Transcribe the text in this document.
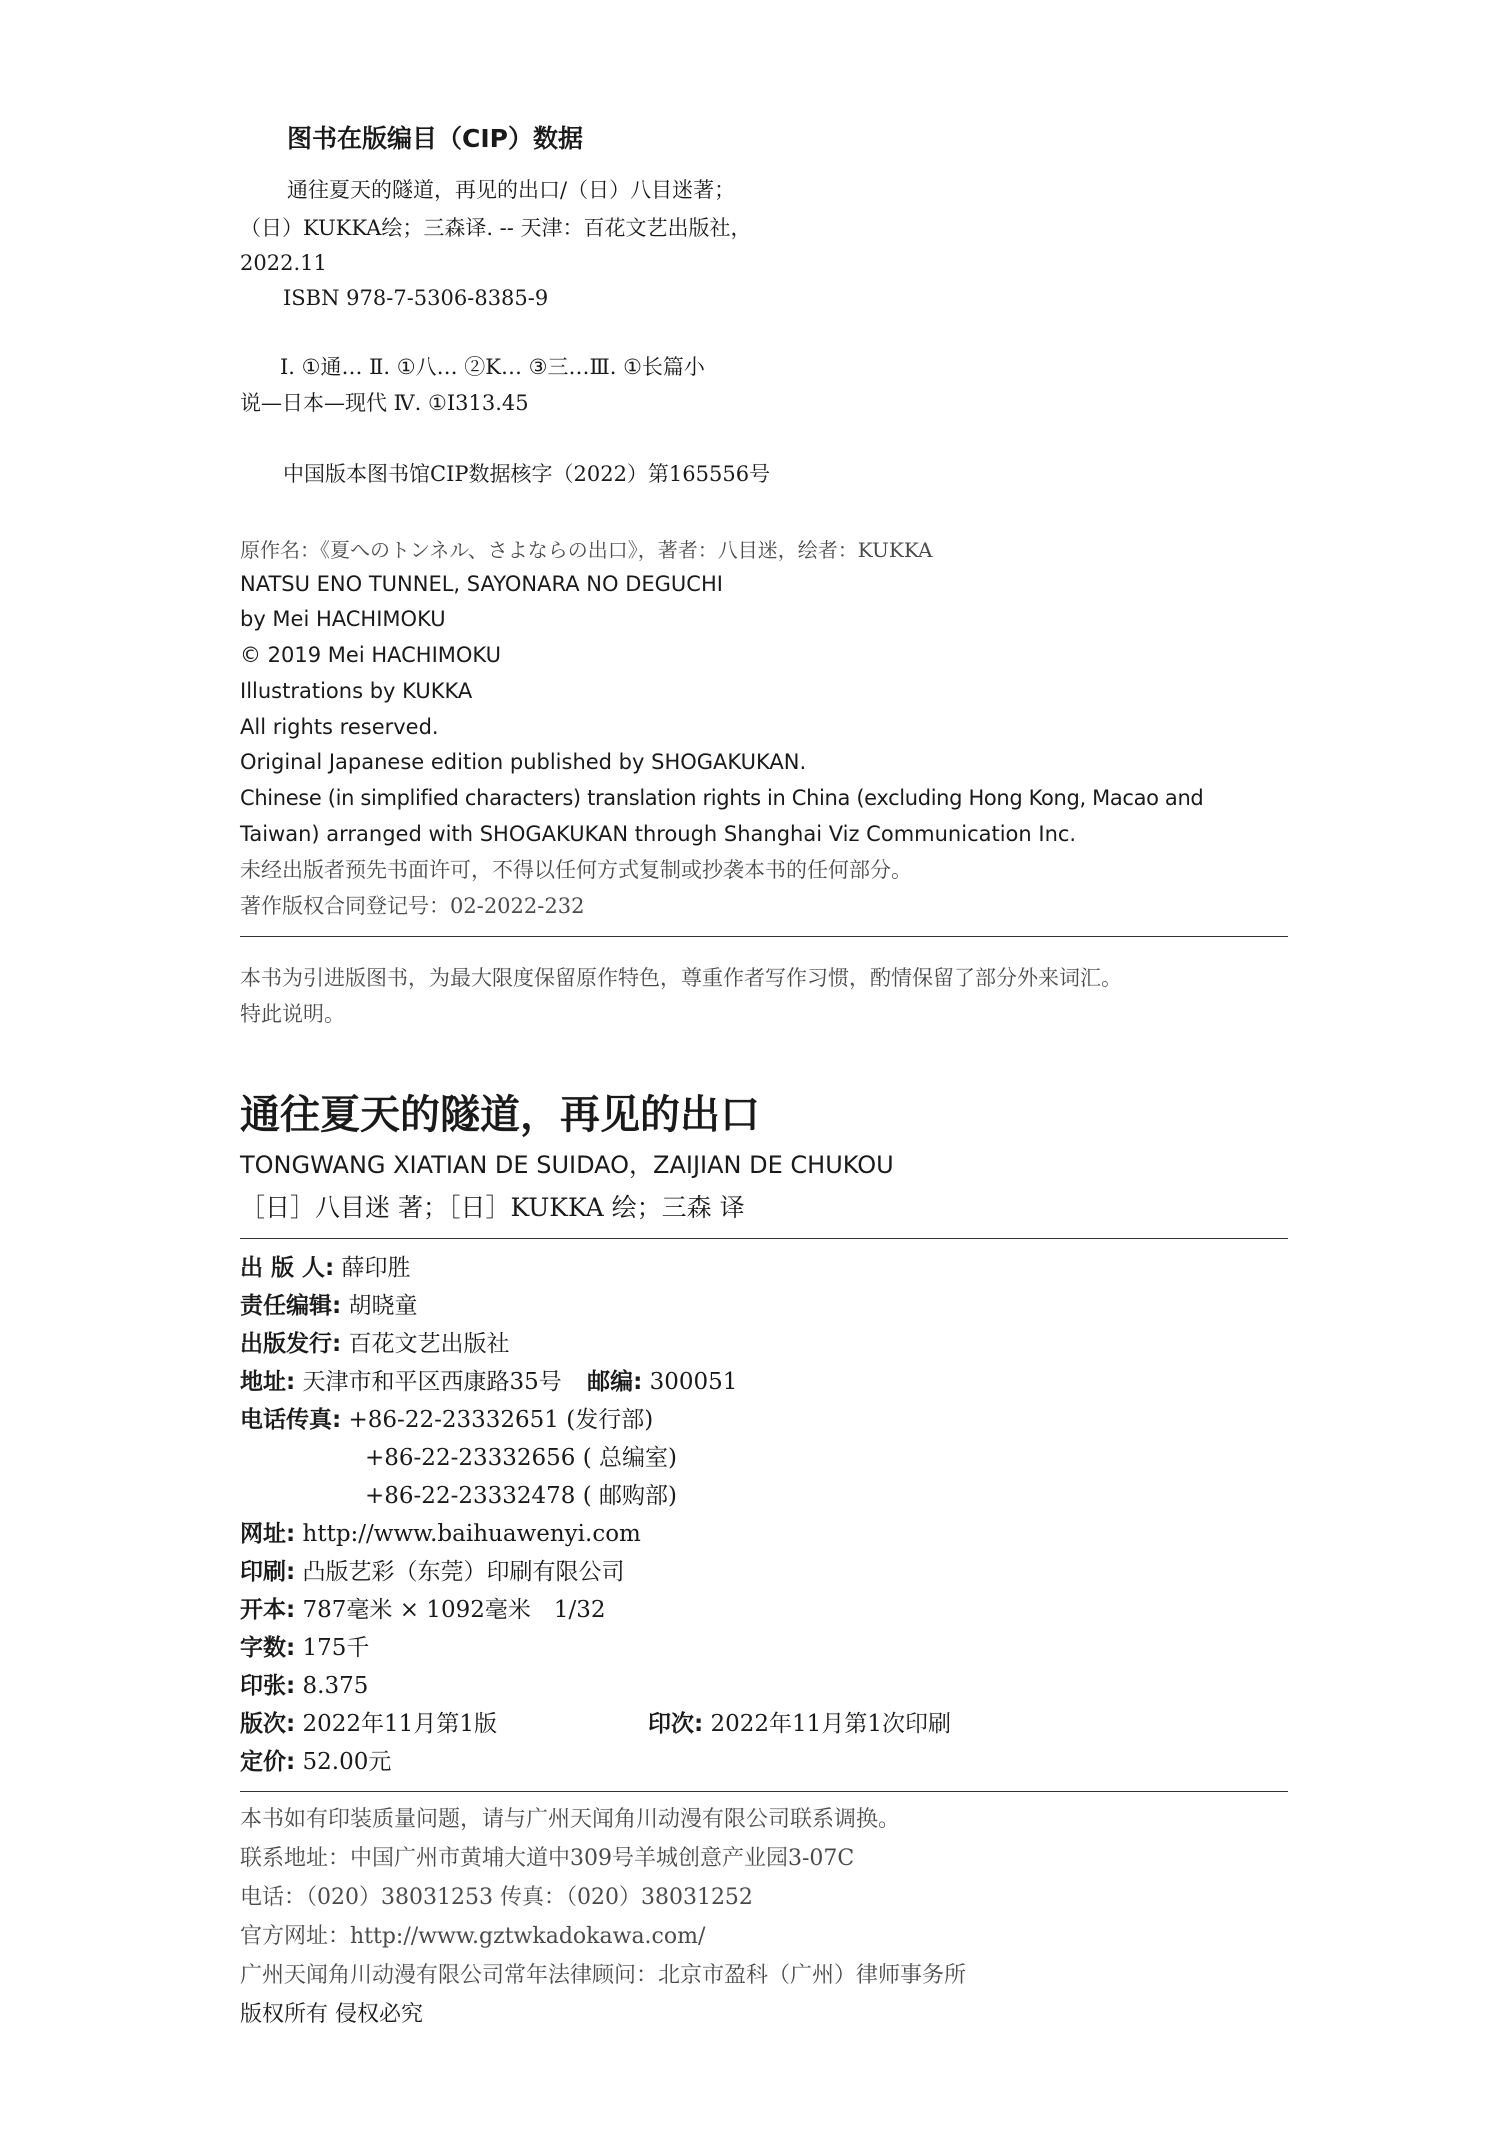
图书在版编目（CIP）数据
通往夏天的隧道，再见的出口/（日）八目迷著；
（日）KUKKA绘；三森译. -- 天津：百花文艺出版社，
2022.11
ISBN 978-7-5306-8385-9
Ⅰ. ①通… Ⅱ. ①八… ②K… ③三…Ⅲ. ①长篇小
说—日本—现代 Ⅳ. ①I313.45
中国版本图书馆CIP数据核字（2022）第165556号
原作名：《夏へのトンネル、さよならの出口》，著者：八目迷，绘者：KUKKA
NATSU ENO TUNNEL, SAYONARA NO DEGUCHI
by Mei HACHIMOKU
© 2019 Mei HACHIMOKU
Illustrations by KUKKA
All rights reserved.
Original Japanese edition published by SHOGAKUKAN.
Chinese (in simplified characters) translation rights in China (excluding Hong Kong, Macao and
Taiwan) arranged with SHOGAKUKAN through Shanghai Viz Communication Inc.
未经出版者预先书面许可，不得以任何方式复制或抄袭本书的任何部分。
著作版权合同登记号：02-2022-232
本书为引进版图书，为最大限度保留原作特色，尊重作者写作习惯，酌情保留了部分外来词汇。
特此说明。
通往夏天的隧道，再见的出口
TONGWANG XIATIAN DE SUIDAO，ZAIJIAN DE CHUKOU
［日］八目迷 著；［日］KUKKA 绘；三森 译
出 版 人: 薛印胜
责任编辑: 胡晓童
出版发行: 百花文艺出版社
地址: 天津市和平区西康路35号 邮编: 300051
电话传真: +86-22-23332651 (发行部)
+86-22-23332656 ( 总编室)
+86-22-23332478 ( 邮购部)
网址: http://www.baihuawenyi.com
印刷: 凸版艺彩（东莞）印刷有限公司
开本: 787毫米 × 1092毫米　1/32
字数: 175千
印张: 8.375
版次: 2022年11月第1版	印次: 2022年11月第1次印刷
定价: 52.00元
本书如有印装质量问题，请与广州天闻角川动漫有限公司联系调换。
联系地址：中国广州市黄埔大道中309号羊城创意产业园3-07C
电话：（020）38031253 传真：（020）38031252
官方网址：http://www.gztwkadokawa.com/
广州天闻角川动漫有限公司常年法律顾问：北京市盈科（广州）律师事务所
版权所有 侵权必究
